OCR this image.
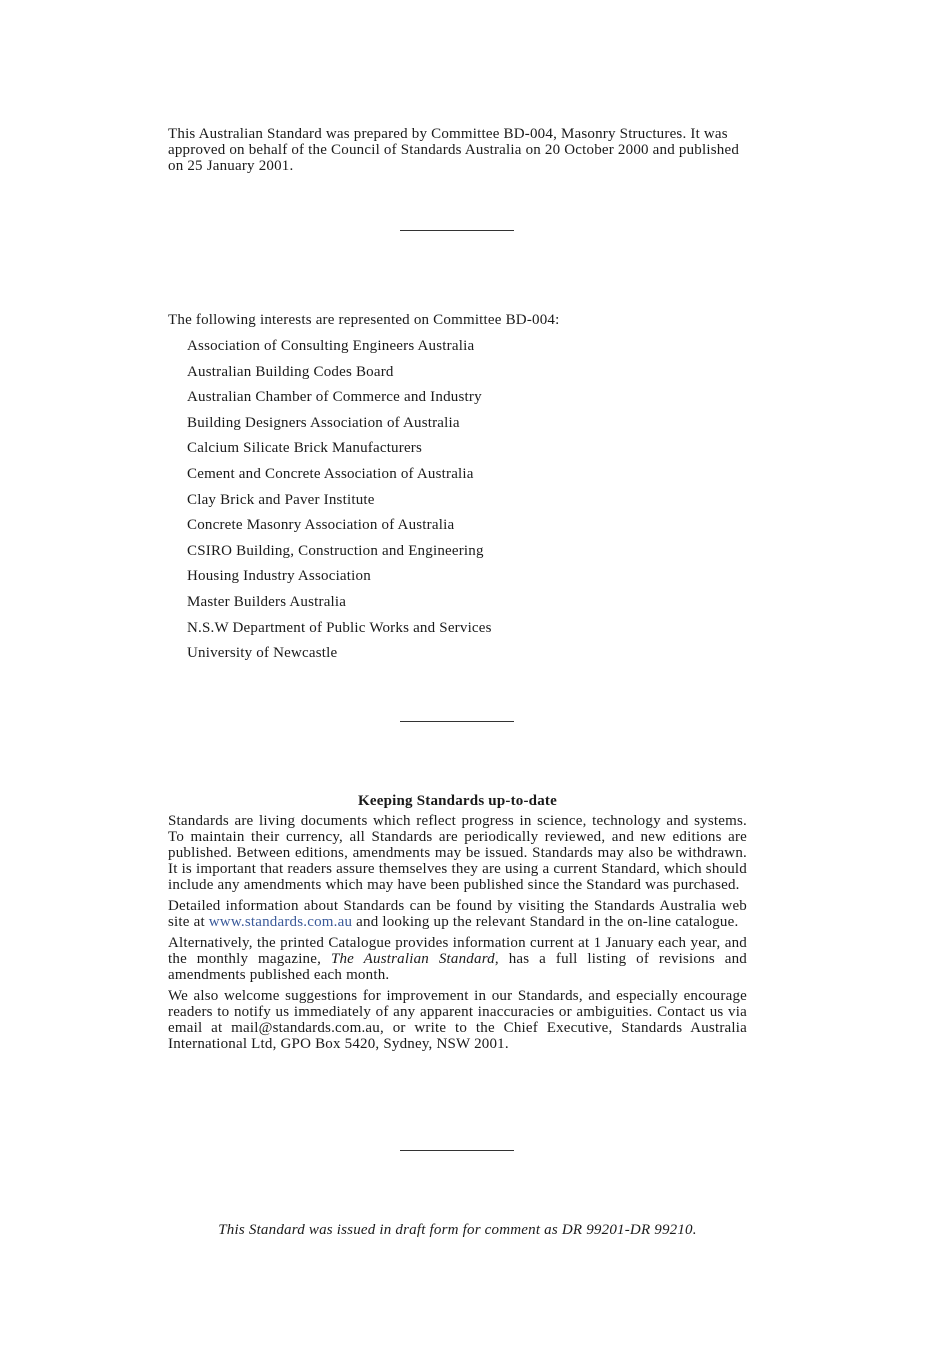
This Australian Standard was prepared by Committee BD-004, Masonry Structures. It was approved on behalf of the Council of Standards Australia on 20 October 2000 and published on 25 January 2001.
The following interests are represented on Committee BD-004:
Association of Consulting Engineers Australia
Australian Building Codes Board
Australian Chamber of Commerce and Industry
Building Designers Association of Australia
Calcium Silicate Brick Manufacturers
Cement and Concrete Association of Australia
Clay Brick and Paver Institute
Concrete Masonry Association of Australia
CSIRO Building, Construction and Engineering
Housing Industry Association
Master Builders Australia
N.S.W Department of Public Works and Services
University of Newcastle
Keeping Standards up-to-date

Standards are living documents which reflect progress in science, technology and systems. To maintain their currency, all Standards are periodically reviewed, and new editions are published. Between editions, amendments may be issued. Standards may also be withdrawn. It is important that readers assure themselves they are using a current Standard, which should include any amendments which may have been published since the Standard was purchased.

Detailed information about Standards can be found by visiting the Standards Australia web site at www.standards.com.au and looking up the relevant Standard in the on-line catalogue.

Alternatively, the printed Catalogue provides information current at 1 January each year, and the monthly magazine, The Australian Standard, has a full listing of revisions and amendments published each month.

We also welcome suggestions for improvement in our Standards, and especially encourage readers to notify us immediately of any apparent inaccuracies or ambiguities. Contact us via email at mail@standards.com.au, or write to the Chief Executive, Standards Australia International Ltd, GPO Box 5420, Sydney, NSW 2001.

This Standard was issued in draft form for comment as DR 99201-DR 99210.
